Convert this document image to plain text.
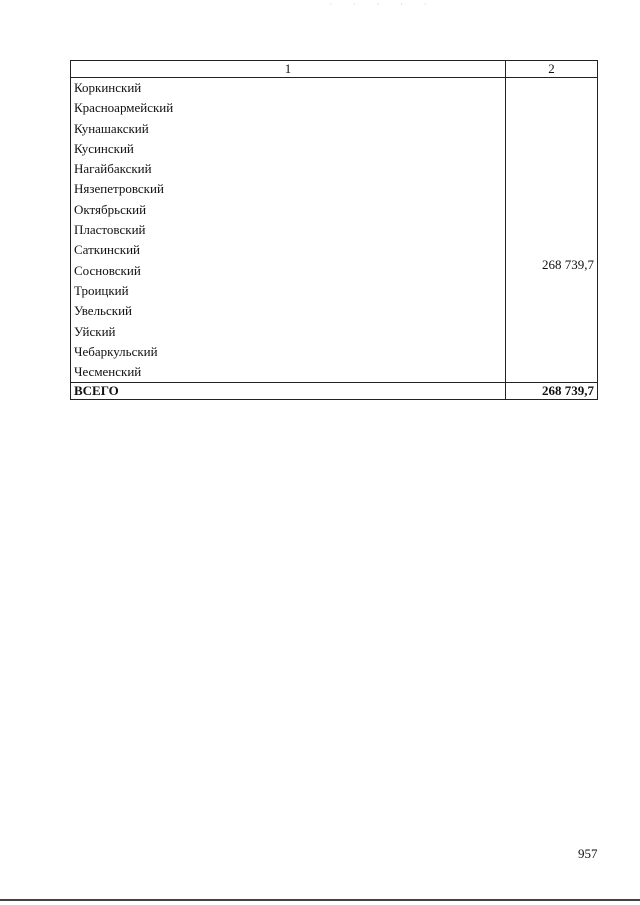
· · · · ·
1	2
Коркинский
Красноармейский
Кунашакский
Кусинский
Нагайбакский
Нязепетровский
Октябрьский
Пластовский
Саткинский
Сосновский
Троицкий
Увельский
Уйский
Чебаркульский
Чесменский
268 739,7
ВСЕГО	268 739,7
957
